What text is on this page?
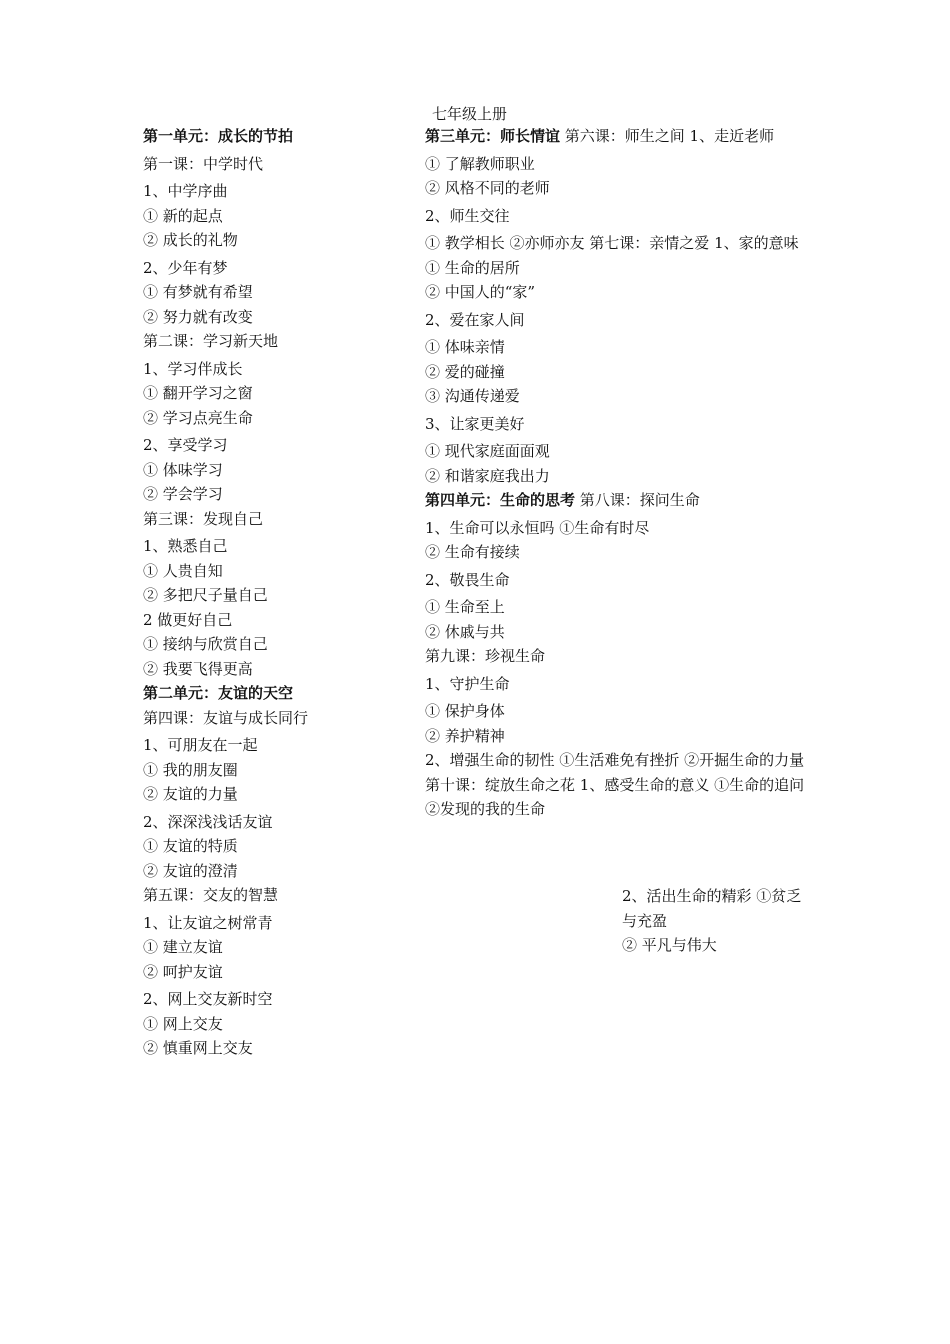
七年级上册
第一单元：成长的节拍
第一课：中学时代
1、中学序曲
① 新的起点
② 成长的礼物
2、少年有梦
① 有梦就有希望
② 努力就有改变
第二课：学习新天地
1、学习伴成长
① 翻开学习之窗
② 学习点亮生命
2、享受学习
① 体味学习
② 学会学习
第三课：发现自己
1、熟悉自己
① 人贵自知
② 多把尺子量自己
2 做更好自己
① 接纳与欣赏自己
② 我要飞得更高
第二单元：友谊的天空
第四课：友谊与成长同行
1、可朋友在一起
① 我的朋友圈
② 友谊的力量
2、深深浅浅话友谊
① 友谊的特质
② 友谊的澄清
第五课：交友的智慧
1、让友谊之树常青
① 建立友谊
② 呵护友谊
2、网上交友新时空
① 网上交友
② 慎重网上交友
第三单元：师长情谊 第六课：师生之间 1、走近老师
① 了解教师职业
② 风格不同的老师
2、师生交往
① 教学相长 ②亦师亦友 第七课：亲情之爱 1、家的意味
① 生命的居所
② 中国人的“家”
2、爱在家人间
① 体味亲情
② 爱的碰撞
③ 沟通传递爱
3、让家更美好
① 现代家庭面面观
② 和谐家庭我出力
第四单元：生命的思考 第八课：探问生命
1、生命可以永恒吗 ①生命有时尽
② 生命有接续
2、敬畏生命
① 生命至上
② 休戚与共
第九课：珍视生命
1、守护生命
① 保护身体
② 养护精神
2、增强生命的韧性 ①生活难免有挫折 ②开掘生命的力量 第十课：绽放生命之花 1、感受生命的意义 ①生命的追问 ②发现的我的生命
2、活出生命的精彩 ①贫乏与充盈
② 平凡与伟大
